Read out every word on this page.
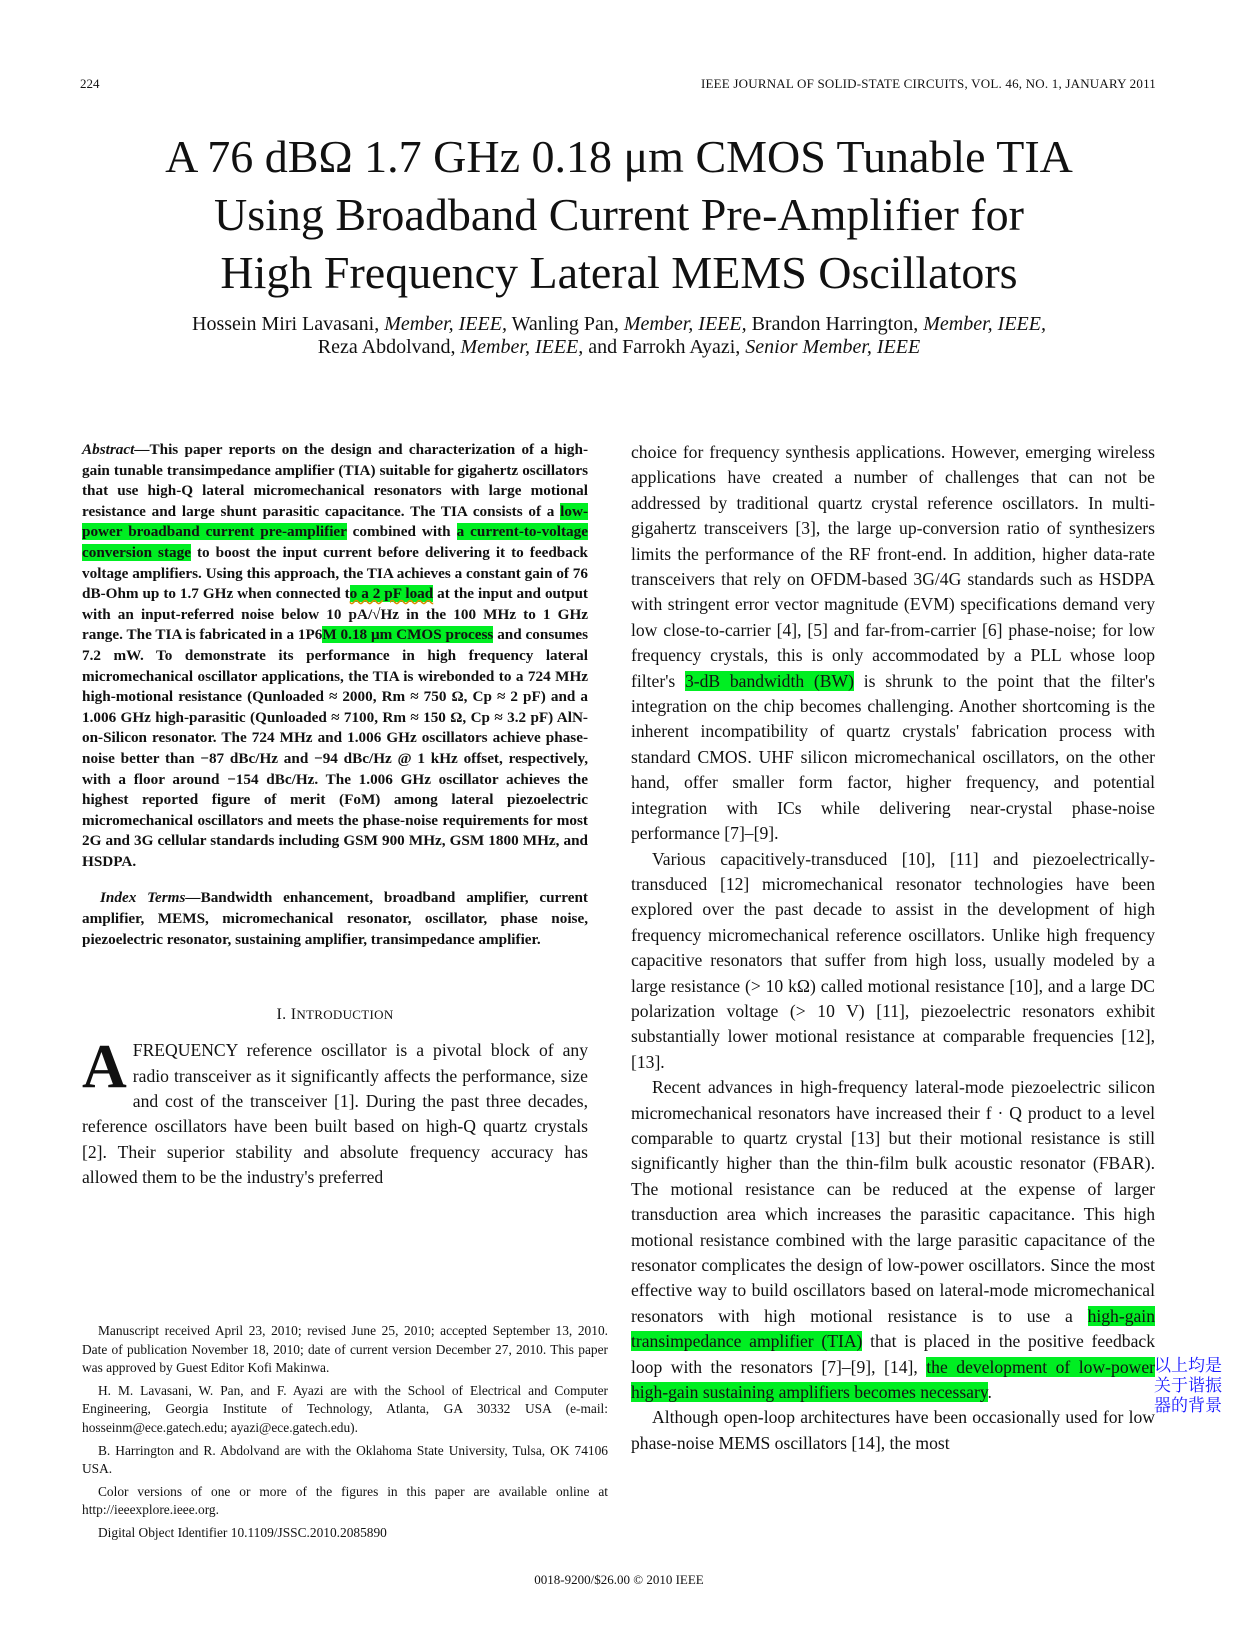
224	IEEE JOURNAL OF SOLID-STATE CIRCUITS, VOL. 46, NO. 1, JANUARY 2011
A 76 dBΩ 1.7 GHz 0.18 μm CMOS Tunable TIA
Using Broadband Current Pre-Amplifier for
High Frequency Lateral MEMS Oscillators
Hossein Miri Lavasani, Member, IEEE, Wanling Pan, Member, IEEE, Brandon Harrington, Member, IEEE,
Reza Abdolvand, Member, IEEE, and Farrokh Ayazi, Senior Member, IEEE

Abstract—This paper reports on the design and characterization of a high-gain tunable transimpedance amplifier (TIA) suitable for gigahertz oscillators that use high-Q lateral micromechanical resonators with large motional resistance and large shunt parasitic capacitance. The TIA consists of a low-power broadband current pre-amplifier combined with a current-to-voltage conversion stage to boost the input current before delivering it to feedback voltage amplifiers. Using this approach, the TIA achieves a constant gain of 76 dB-Ohm up to 1.7 GHz when connected to a 2 pF load at the input and output with an input-referred noise below 10 pA/√Hz in the 100 MHz to 1 GHz range. The TIA is fabricated in a 1P6M 0.18 μm CMOS process and consumes 7.2 mW. To demonstrate its performance in high frequency lateral micromechanical oscillator applications, the TIA is wirebonded to a 724 MHz high-motional resistance (Qunloaded ≈ 2000, Rm ≈ 750 Ω, Cp ≈ 2 pF) and a 1.006 GHz high-parasitic (Qunloaded ≈ 7100, Rm ≈ 150 Ω, Cp ≈ 3.2 pF) AlN-on-Silicon resonator. The 724 MHz and 1.006 GHz oscillators achieve phase-noise better than −87 dBc/Hz and −94 dBc/Hz @ 1 kHz offset, respectively, with a floor around −154 dBc/Hz. The 1.006 GHz oscillator achieves the highest reported figure of merit (FoM) among lateral piezoelectric micromechanical oscillators and meets the phase-noise requirements for most 2G and 3G cellular standards including GSM 900 MHz, GSM 1800 MHz, and HSDPA.

Index Terms—Bandwidth enhancement, broadband amplifier, current amplifier, MEMS, micromechanical resonator, oscillator, phase noise, piezoelectric resonator, sustaining amplifier, transimpedance amplifier.

I. INTRODUCTION

AFREQUENCY reference oscillator is a pivotal block of any radio transceiver as it significantly affects the performance, size and cost of the transceiver [1]. During the past three decades, reference oscillators have been built based on high-Q quartz crystals [2]. Their superior stability and absolute frequency accuracy has allowed them to be the industry's preferred

Manuscript received April 23, 2010; revised June 25, 2010; accepted September 13, 2010. Date of publication November 18, 2010; date of current version December 27, 2010. This paper was approved by Guest Editor Kofi Makinwa.

H. M. Lavasani, W. Pan, and F. Ayazi are with the School of Electrical and Computer Engineering, Georgia Institute of Technology, Atlanta, GA 30332 USA (e-mail: hosseinm@ece.gatech.edu; ayazi@ece.gatech.edu).

B. Harrington and R. Abdolvand are with the Oklahoma State University, Tulsa, OK 74106 USA.

Color versions of one or more of the figures in this paper are available online at http://ieeexplore.ieee.org.

Digital Object Identifier 10.1109/JSSC.2010.2085890

choice for frequency synthesis applications. However, emerging wireless applications have created a number of challenges that can not be addressed by traditional quartz crystal reference oscillators. In multi-gigahertz transceivers [3], the large up-conversion ratio of synthesizers limits the performance of the RF front-end. In addition, higher data-rate transceivers that rely on OFDM-based 3G/4G standards such as HSDPA with stringent error vector magnitude (EVM) specifications demand very low close-to-carrier [4], [5] and far-from-carrier [6] phase-noise; for low frequency crystals, this is only accommodated by a PLL whose loop filter's 3-dB bandwidth (BW) is shrunk to the point that the filter's integration on the chip becomes challenging. Another shortcoming is the inherent incompatibility of quartz crystals' fabrication process with standard CMOS. UHF silicon micromechanical oscillators, on the other hand, offer smaller form factor, higher frequency, and potential integration with ICs while delivering near-crystal phase-noise performance [7]–[9].

Various capacitively-transduced [10], [11] and piezoelectrically-transduced [12] micromechanical resonator technologies have been explored over the past decade to assist in the development of high frequency micromechanical reference oscillators. Unlike high frequency capacitive resonators that suffer from high loss, usually modeled by a large resistance (> 10 kΩ) called motional resistance [10], and a large DC polarization voltage (> 10 V) [11], piezoelectric resonators exhibit substantially lower motional resistance at comparable frequencies [12], [13].

Recent advances in high-frequency lateral-mode piezoelectric silicon micromechanical resonators have increased their f · Q product to a level comparable to quartz crystal [13] but their motional resistance is still significantly higher than the thin-film bulk acoustic resonator (FBAR). The motional resistance can be reduced at the expense of larger transduction area which increases the parasitic capacitance. This high motional resistance combined with the large parasitic capacitance of the resonator complicates the design of low-power oscillators. Since the most effective way to build oscillators based on lateral-mode micromechanical resonators with high motional resistance is to use a high-gain transimpedance amplifier (TIA) that is placed in the positive feedback loop with the resonators [7]–[9], [14], the development of low-power high-gain sustaining amplifiers becomes necessary.

Although open-loop architectures have been occasionally used for low phase-noise MEMS oscillators [14], the most

以上均是
关于谐振
器的背景
0018-9200/$26.00 © 2010 IEEE
